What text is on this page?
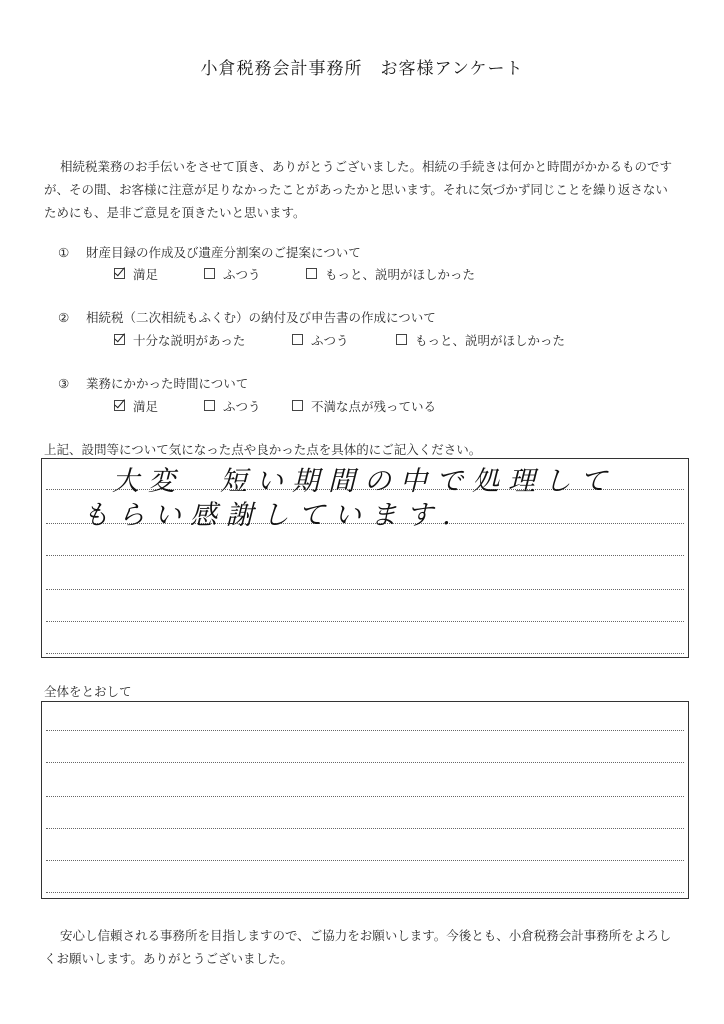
小倉税務会計事務所　お客様アンケート
相続税業務のお手伝いをさせて頂き、ありがとうございました。相続の手続きは何かと時間がかかるものです
が、その間、お客様に注意が足りなかったことがあったかと思います。それに気づかず同じことを繰り返さない
ためにも、是非ご意見を頂きたいと思います。
① 財産目録の作成及び遺産分割案のご提案について
満足	ふつう	もっと、説明がほしかった
② 相続税（二次相続もふくむ）の納付及び申告書の作成について
十分な説明があった	ふつう	もっと、説明がほしかった
③ 業務にかかった時間について
満足	ふつう	不満な点が残っている
上記、設問等について気になった点や良かった点を具体的にご記入ください。
大変　短い期間の中で処理して
もらい感謝しています.
全体をとおして
安心し信頼される事務所を目指しますので、ご協力をお願いします。今後とも、小倉税務会計事務所をよろし
くお願いします。ありがとうございました。
